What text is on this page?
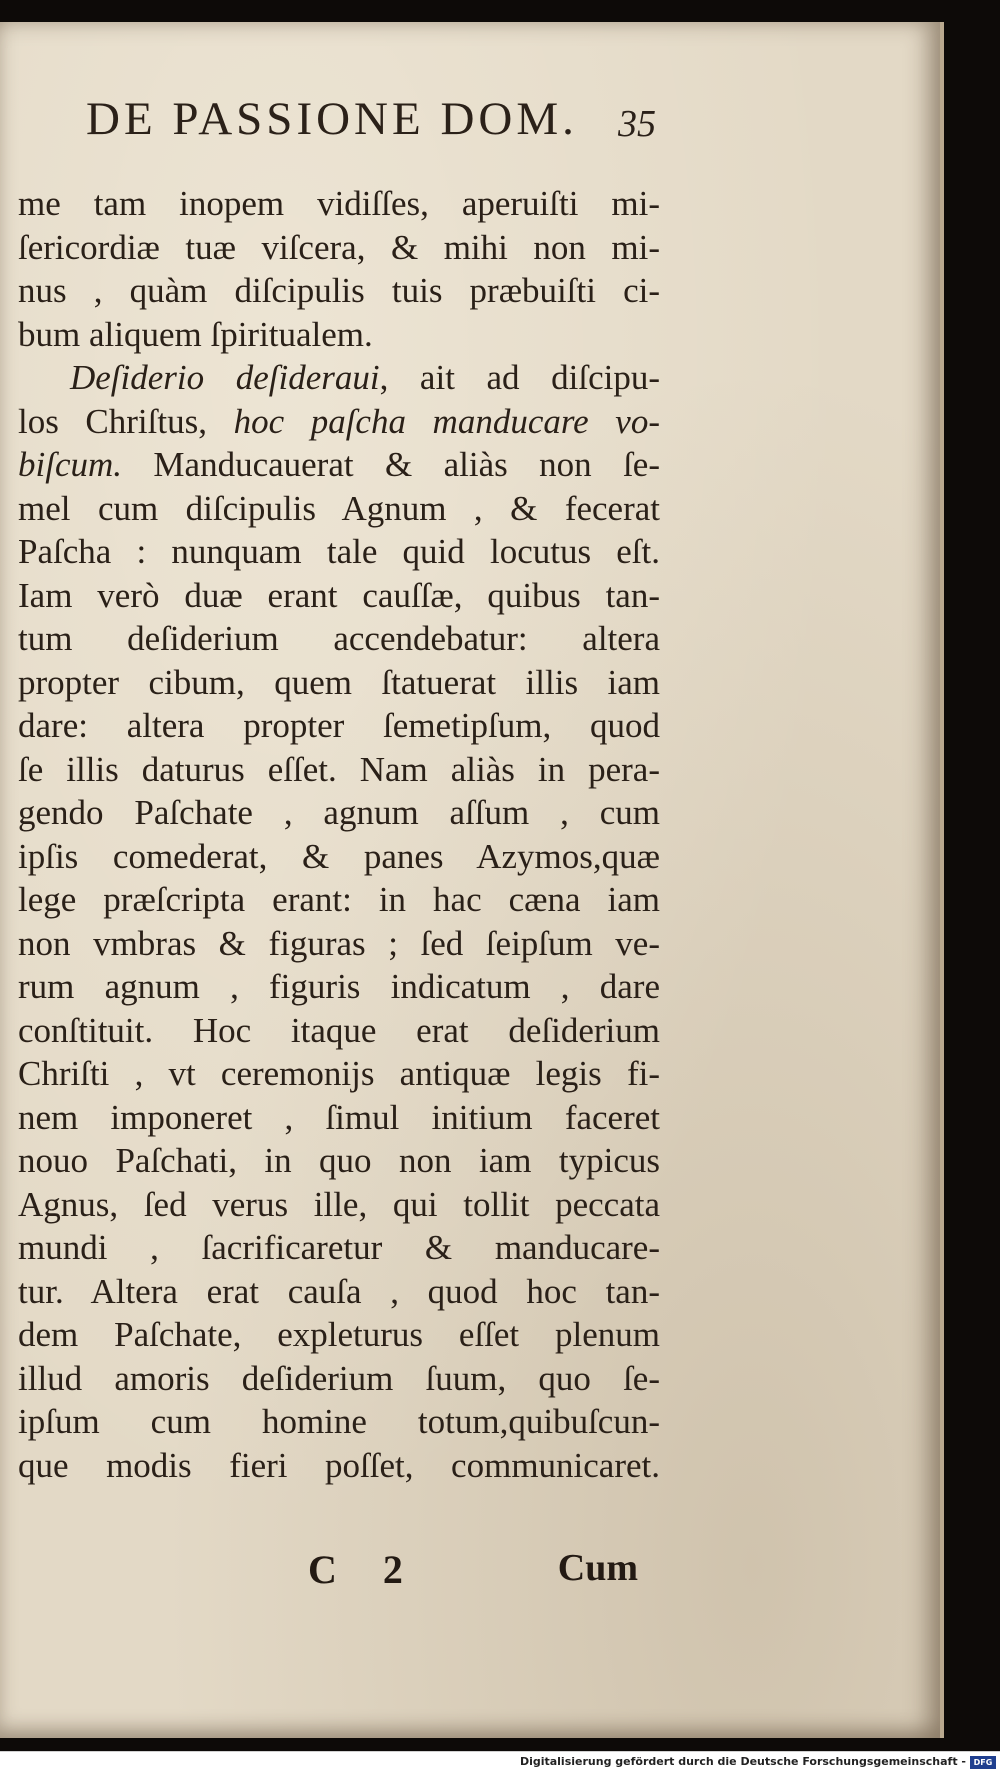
DE PASSIONE DOM. 35
me tam inopem vidiſſes, aperuiſti mi-
ſericordiæ tuæ viſcera, & mihi non mi-
nus , quàm diſcipulis tuis præbuiſti ci-
bum aliquem ſpiritualem.
Deſiderio deſideraui, ait ad diſcipu-
los Chriſtus, hoc paſcha manducare vo-
biſcum. Manducauerat & aliàs non ſe-
mel cum diſcipulis Agnum , & fecerat
Paſcha : nunquam tale quid locutus eſt.
Iam verò duæ erant cauſſæ, quibus tan-
tum deſiderium accendebatur: altera
propter cibum, quem ſtatuerat illis iam
dare: altera propter ſemetipſum, quod
ſe illis daturus eſſet. Nam aliàs in pera-
gendo Paſchate , agnum aſſum , cum
ipſis comederat, & panes Azymos,quæ
lege præſcripta erant: in hac cæna iam
non vmbras & figuras ; ſed ſeipſum ve-
rum agnum , figuris indicatum , dare
conſtituit. Hoc itaque erat deſiderium
Chriſti , vt ceremonijs antiquæ legis fi-
nem imponeret , ſimul initium faceret
nouo Paſchati, in quo non iam typicus
Agnus, ſed verus ille, qui tollit peccata
mundi , ſacrificaretur & manducare-
tur. Altera erat cauſa , quod hoc tan-
dem Paſchate, expleturus eſſet plenum
illud amoris deſiderium ſuum, quo ſe-
ipſum cum homine totum,quibuſcun-
que modis fieri poſſet, communicaret.
C 2	Cum
Digitalisierung gefördert durch die Deutsche Forschungsgemeinschaft - DFG
